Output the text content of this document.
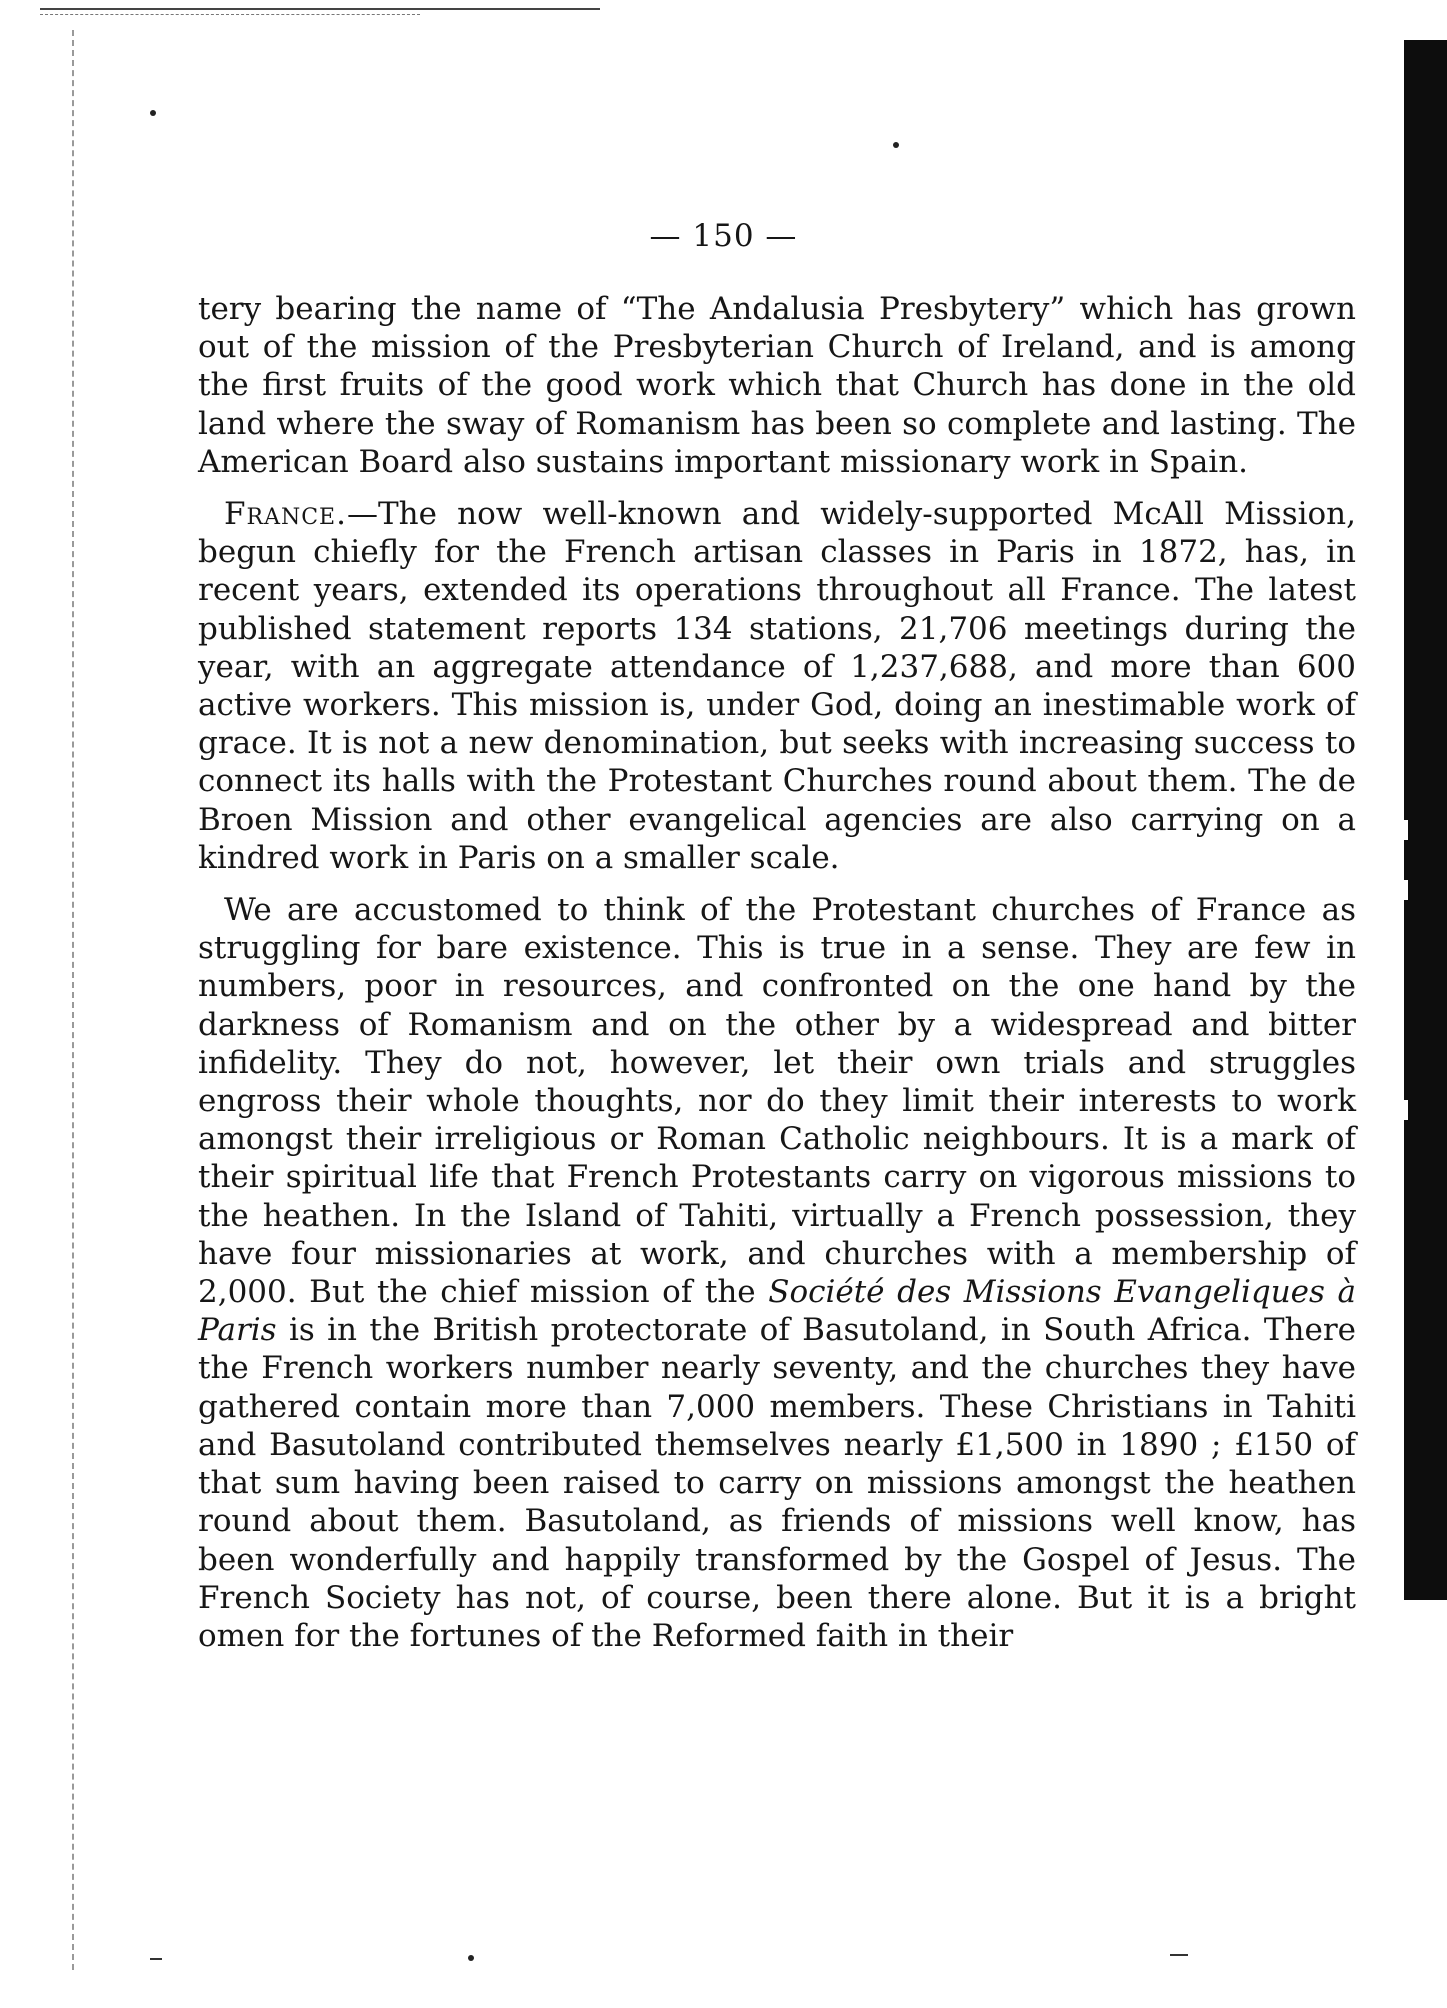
— 150 —

tery bearing the name of “The Andalusia Presbytery” which has grown out of the mission of the Presbyterian Church of Ireland, and is among the first fruits of the good work which that Church has done in the old land where the sway of Romanism has been so complete and lasting. The American Board also sustains important missionary work in Spain.

France.—The now well-known and widely-supported McAll Mission, begun chiefly for the French artisan classes in Paris in 1872, has, in recent years, extended its operations throughout all France. The latest published statement reports 134 stations, 21,706 meetings during the year, with an aggregate attendance of 1,237,688, and more than 600 active workers. This mission is, under God, doing an inestimable work of grace. It is not a new denomination, but seeks with increasing success to connect its halls with the Protestant Churches round about them. The de Broen Mission and other evangelical agencies are also carrying on a kindred work in Paris on a smaller scale.

We are accustomed to think of the Protestant churches of France as struggling for bare existence. This is true in a sense. They are few in numbers, poor in resources, and confronted on the one hand by the darkness of Romanism and on the other by a widespread and bitter infidelity. They do not, however, let their own trials and struggles engross their whole thoughts, nor do they limit their interests to work amongst their irreligious or Roman Catholic neighbours. It is a mark of their spiritual life that French Protestants carry on vigorous missions to the heathen. In the Island of Tahiti, virtually a French possession, they have four missionaries at work, and churches with a membership of 2,000. But the chief mission of the Société des Missions Evangeliques à Paris is in the British protectorate of Basutoland, in South Africa. There the French workers number nearly seventy, and the churches they have gathered contain more than 7,000 members. These Christians in Tahiti and Basutoland contributed themselves nearly £1,500 in 1890 ; £150 of that sum having been raised to carry on missions amongst the heathen round about them. Basutoland, as friends of missions well know, has been wonderfully and happily transformed by the Gospel of Jesus. The French Society has not, of course, been there alone. But it is a bright omen for the fortunes of the Reformed faith in their
